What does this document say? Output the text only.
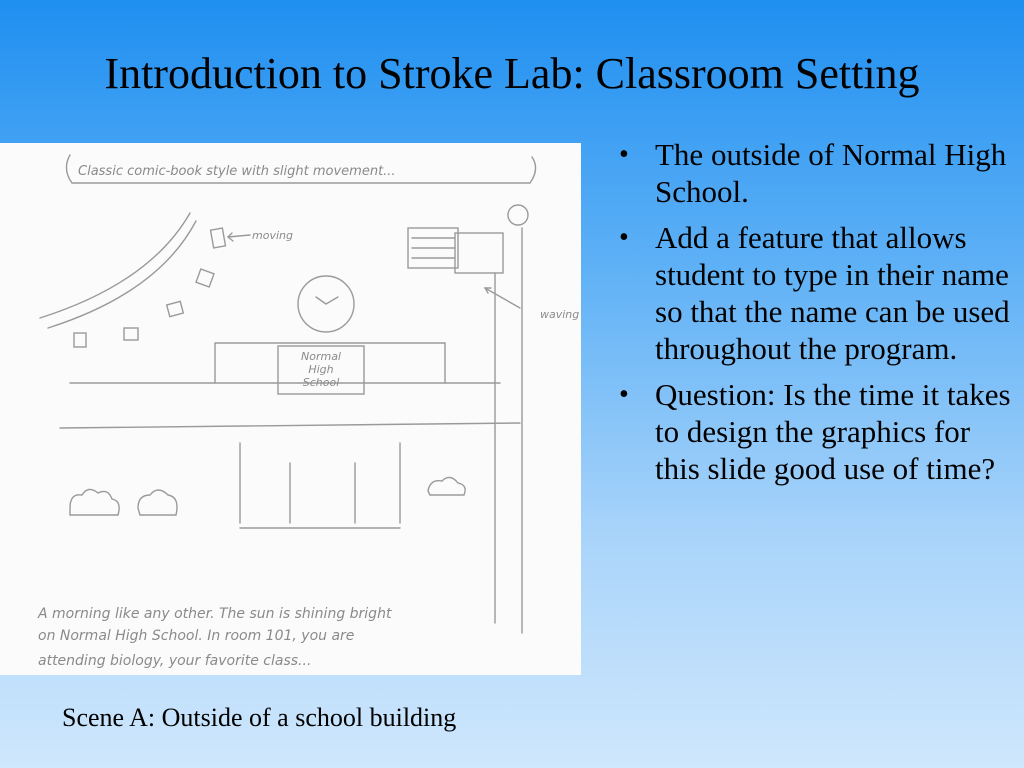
Introduction to Stroke Lab: Classroom Setting
Classic comic-book style with slight movement...
moving
waving
Normal
High
School
A morning like any other. The sun is shining bright
on Normal High School. In room 101, you are
attending biology, your favorite class...
Scene A: Outside of a school building
• The outside of Normal High School.
• Add a feature that allows student to type in their name so that the name can be used throughout the program.
• Question: Is the time it takes to design the graphics for this slide good use of time?
